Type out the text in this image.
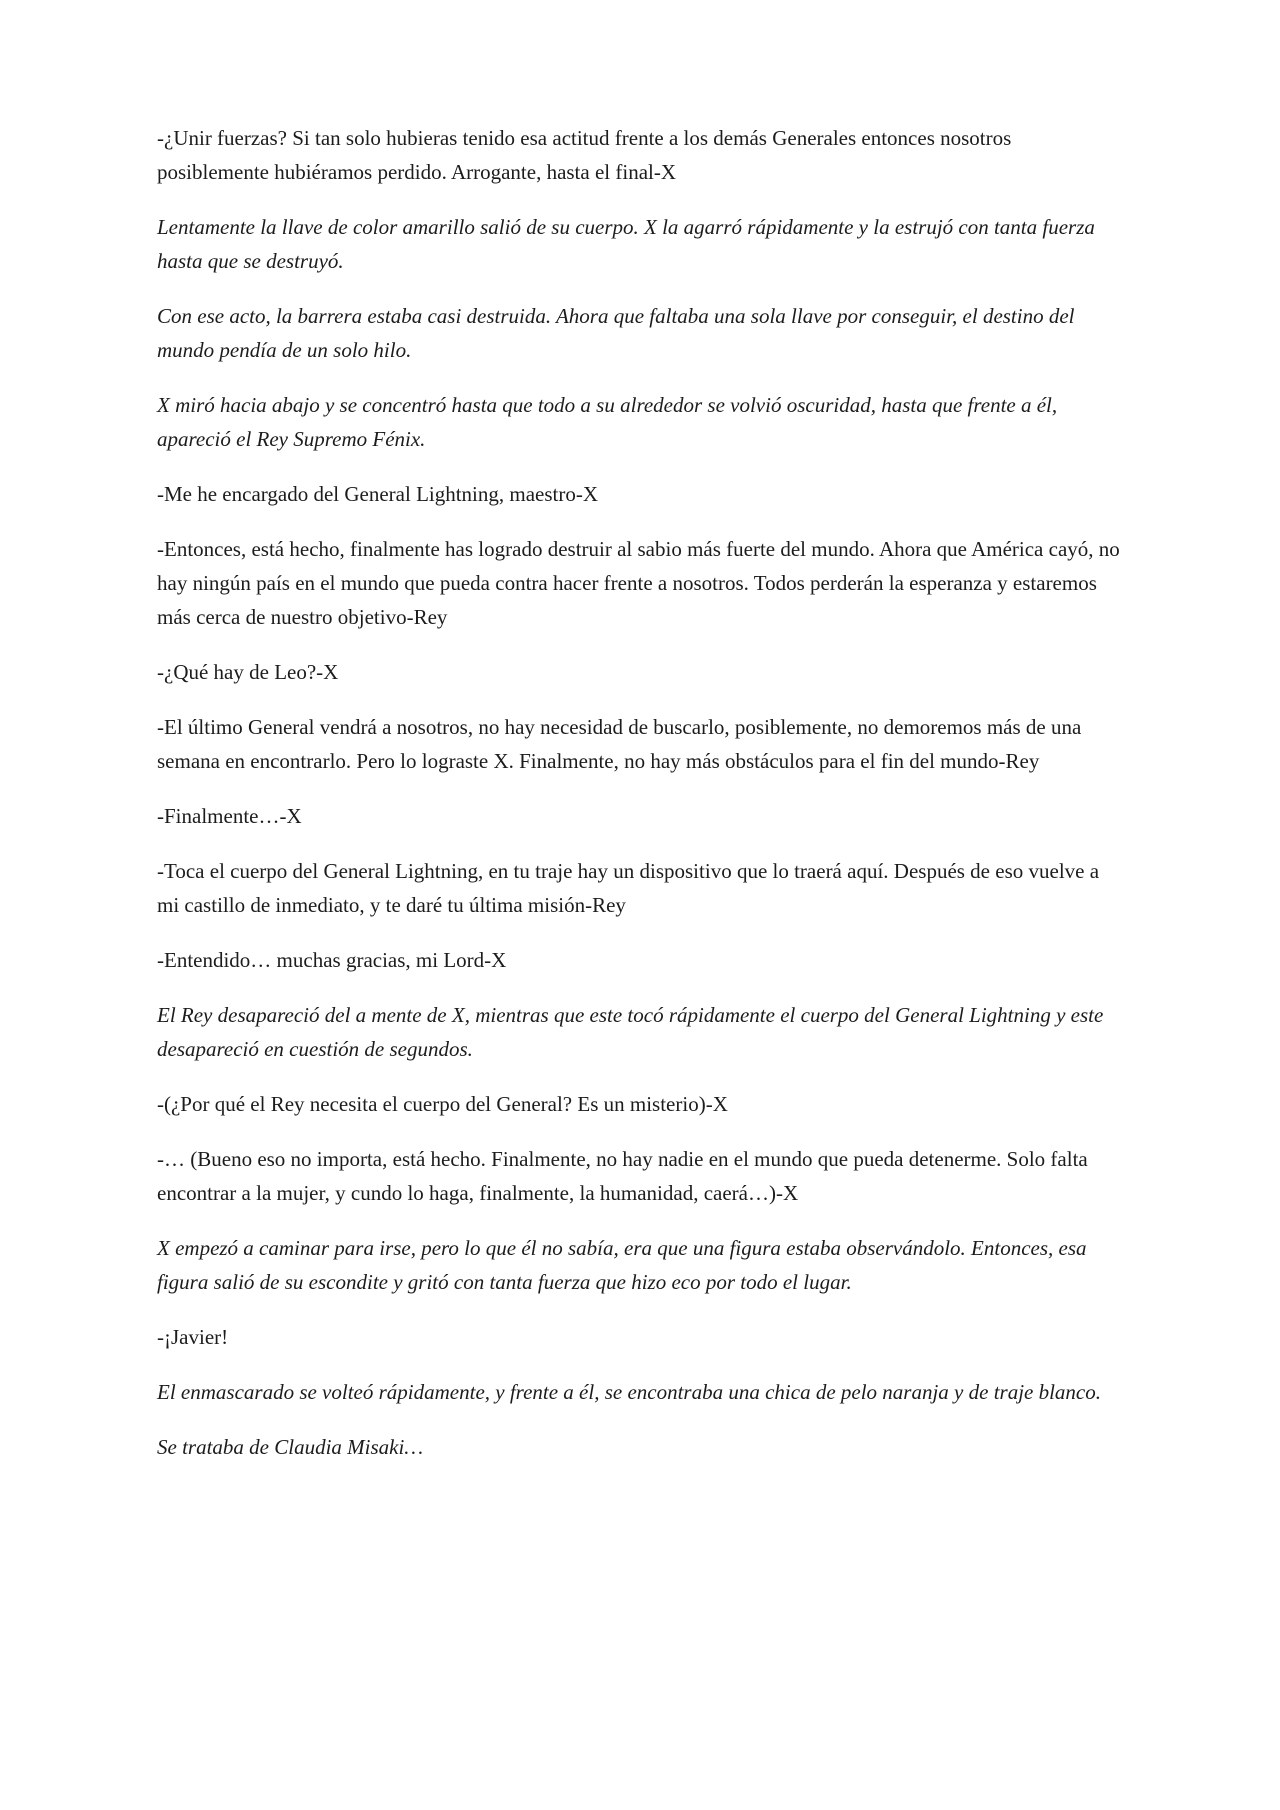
-¿Unir fuerzas? Si tan solo hubieras tenido esa actitud frente a los demás Generales entonces nosotros posiblemente hubiéramos perdido. Arrogante, hasta el final-X

Lentamente la llave de color amarillo salió de su cuerpo. X la agarró rápidamente y la estrujó con tanta fuerza hasta que se destruyó.

Con ese acto, la barrera estaba casi destruida. Ahora que faltaba una sola llave por conseguir, el destino del mundo pendía de un solo hilo.

X miró hacia abajo y se concentró hasta que todo a su alrededor se volvió oscuridad, hasta que frente a él, apareció el Rey Supremo Fénix.

-Me he encargado del General Lightning, maestro-X

-Entonces, está hecho, finalmente has logrado destruir al sabio más fuerte del mundo. Ahora que América cayó, no hay ningún país en el mundo que pueda contra hacer frente a nosotros. Todos perderán la esperanza y estaremos más cerca de nuestro objetivo-Rey

-¿Qué hay de Leo?-X

-El último General vendrá a nosotros, no hay necesidad de buscarlo, posiblemente, no demoremos más de una semana en encontrarlo. Pero lo lograste X. Finalmente, no hay más obstáculos para el fin del mundo-Rey

-Finalmente…-X

-Toca el cuerpo del General Lightning, en tu traje hay un dispositivo que lo traerá aquí. Después de eso vuelve a mi castillo de inmediato, y te daré tu última misión-Rey

-Entendido… muchas gracias, mi Lord-X

El Rey desapareció del a mente de X, mientras que este tocó rápidamente el cuerpo del General Lightning y este desapareció en cuestión de segundos.

-(¿Por qué el Rey necesita el cuerpo del General? Es un misterio)-X

-… (Bueno eso no importa, está hecho. Finalmente, no hay nadie en el mundo que pueda detenerme. Solo falta encontrar a la mujer, y cundo lo haga, finalmente, la humanidad, caerá…)-X

X empezó a caminar para irse, pero lo que él no sabía, era que una figura estaba observándolo. Entonces, esa figura salió de su escondite y gritó con tanta fuerza que hizo eco por todo el lugar.

-¡Javier!

El enmascarado se volteó rápidamente, y frente a él, se encontraba una chica de pelo naranja y de traje blanco.

Se trataba de Claudia Misaki…
